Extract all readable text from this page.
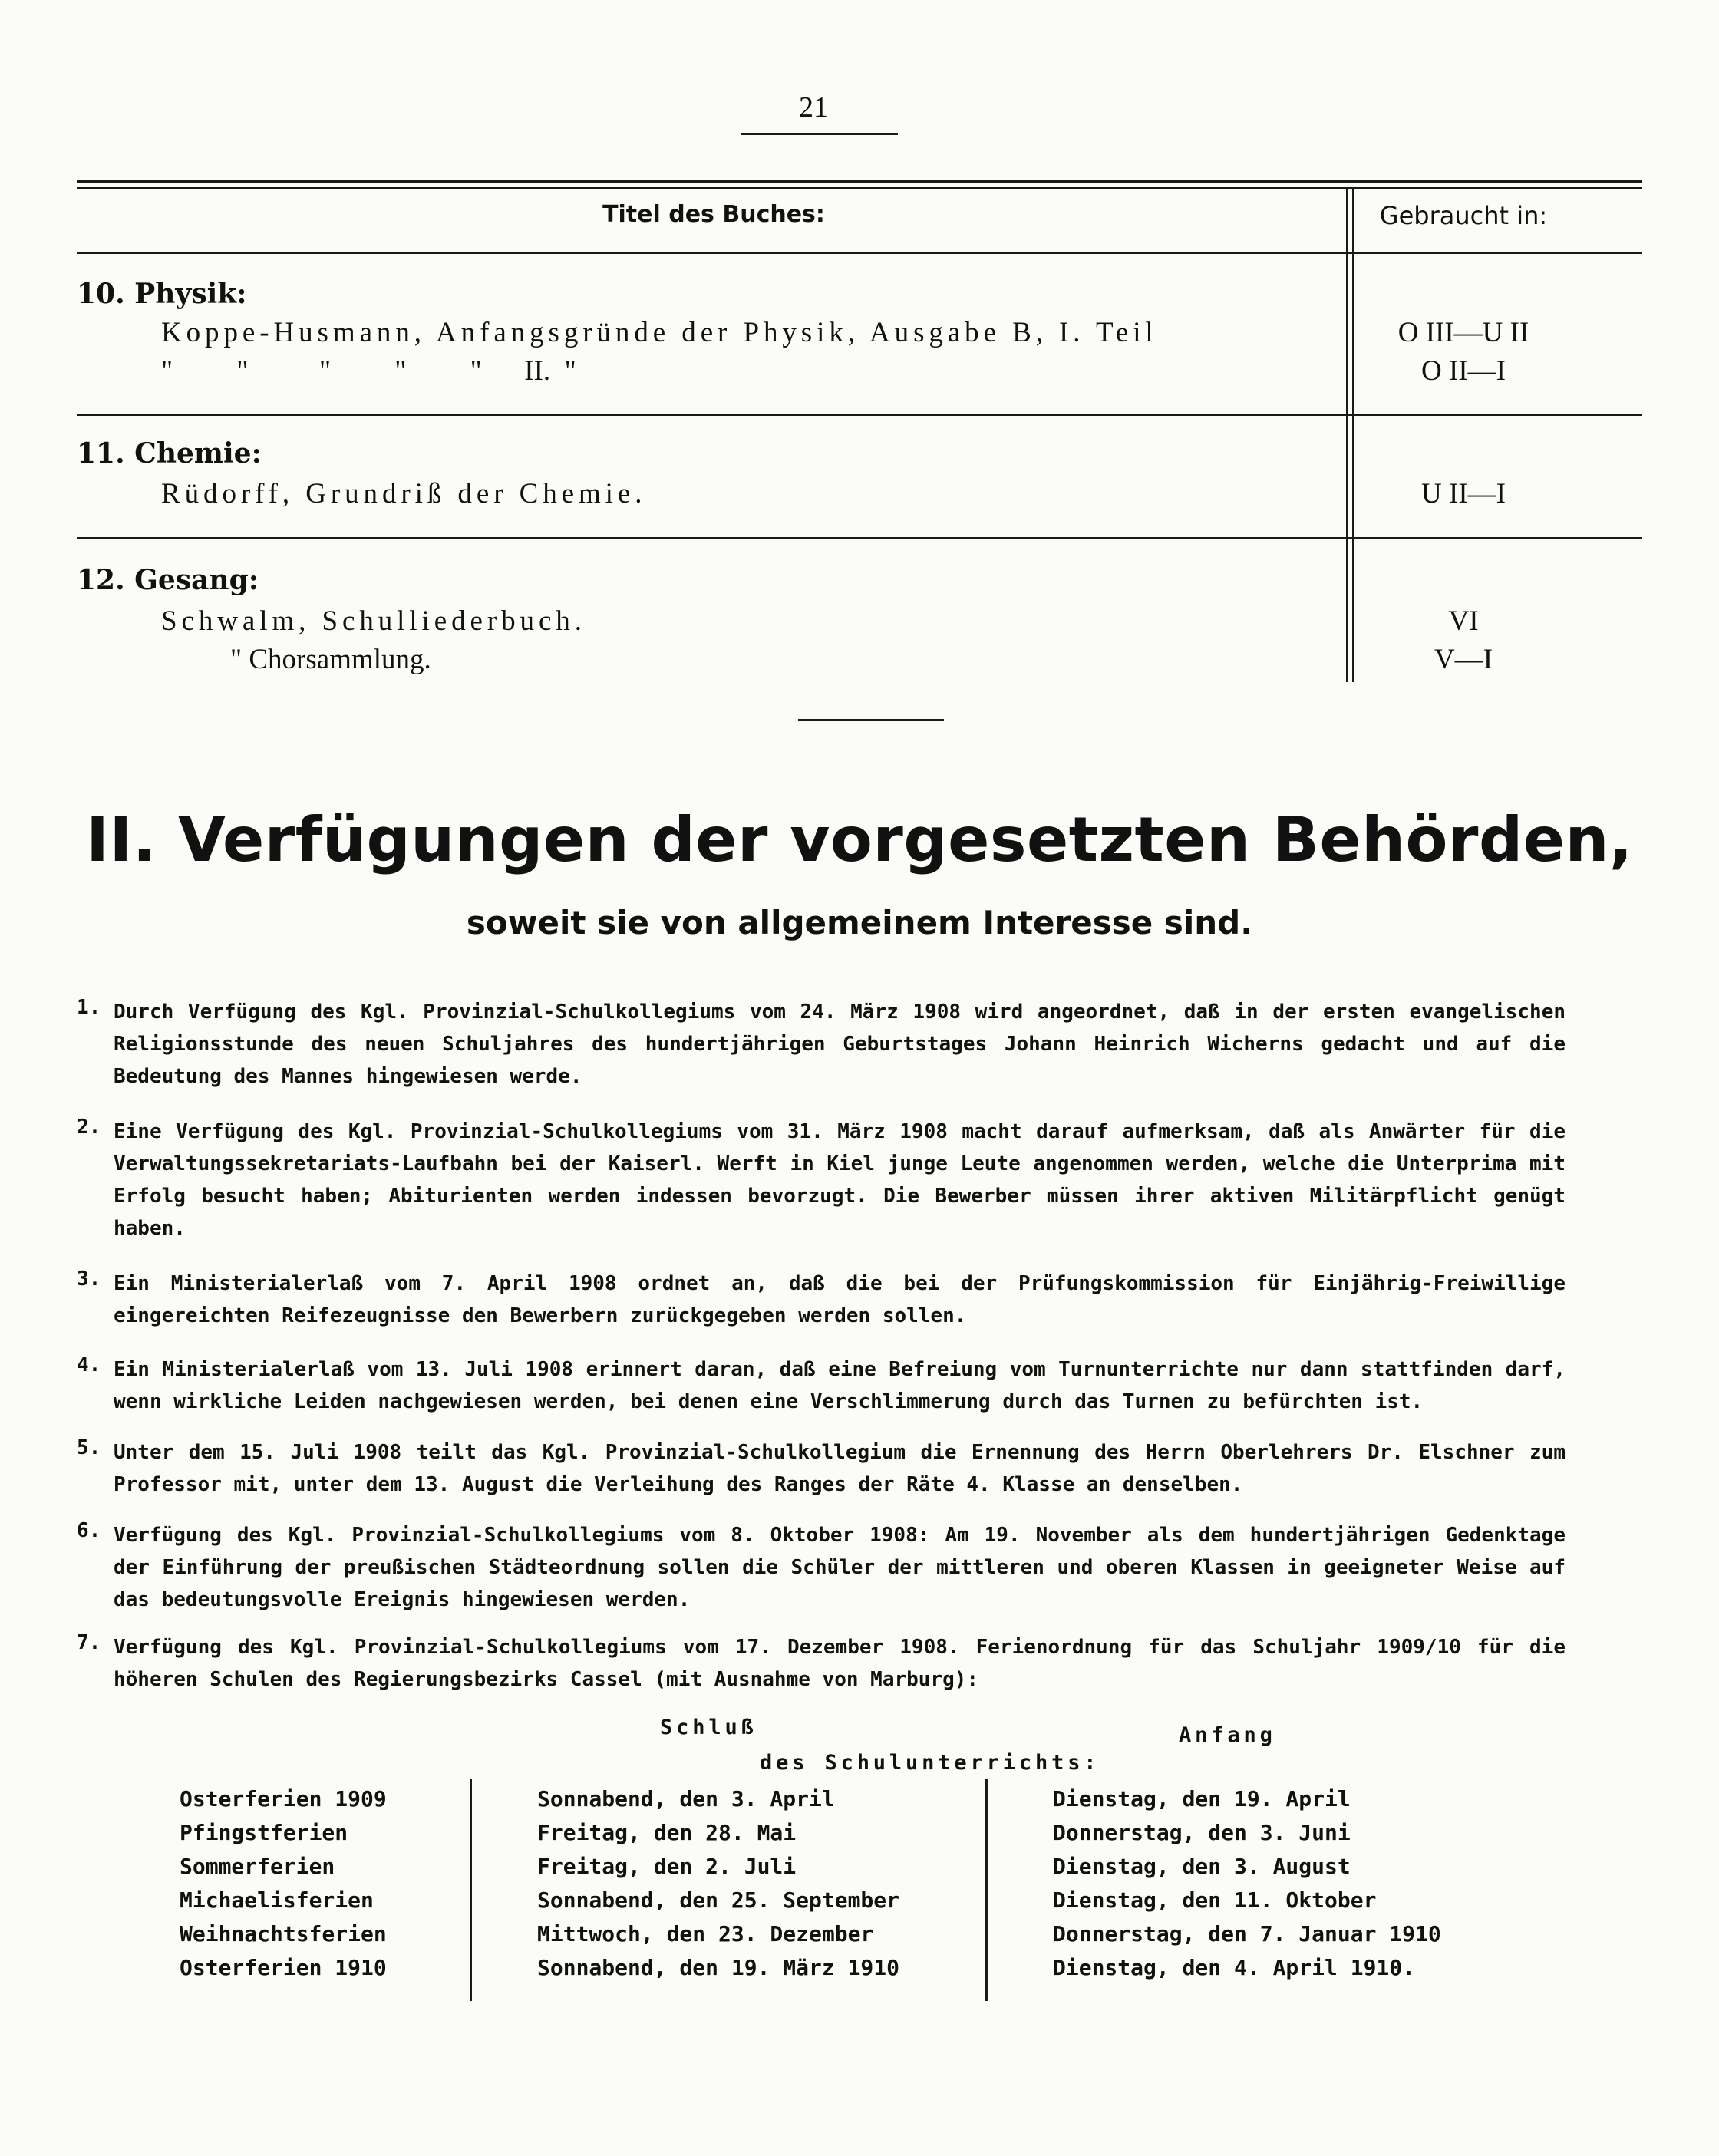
21
Titel des Buches:	Gebraucht in:
10. Physik:
Koppe-Husmann, Anfangsgründe der Physik, Ausgabe B, I. Teil	O III—U II
"         "          "         "         "      II.  "	O II—I
11. Chemie:
Rüdorff, Grundriß der Chemie.	U II—I
12. Gesang:
Schwalm, Schulliederbuch.	VI
" Chorsammlung.	V—I
II. Verfügungen der vorgesetzten Behörden,
soweit sie von allgemeinem Interesse sind.
1. Durch Verfügung des Kgl. Provinzial-Schulkollegiums vom 24. März 1908 wird angeordnet, daß in der ersten evangelischen Religionsstunde des neuen Schuljahres des hundertjährigen Geburtstages Johann Heinrich Wicherns gedacht und auf die Bedeutung des Mannes hingewiesen werde.
2. Eine Verfügung des Kgl. Provinzial-Schulkollegiums vom 31. März 1908 macht darauf aufmerksam, daß als Anwärter für die Verwaltungssekretariats-Laufbahn bei der Kaiserl. Werft in Kiel junge Leute angenommen werden, welche die Unterprima mit Erfolg besucht haben; Abiturienten werden indessen bevorzugt. Die Bewerber müssen ihrer aktiven Militärpflicht genügt haben.
3. Ein Ministerialerlaß vom 7. April 1908 ordnet an, daß die bei der Prüfungskommission für Einjährig-Freiwillige eingereichten Reifezeugnisse den Bewerbern zurückgegeben werden sollen.
4. Ein Ministerialerlaß vom 13. Juli 1908 erinnert daran, daß eine Befreiung vom Turnunterrichte nur dann stattfinden darf, wenn wirkliche Leiden nachgewiesen werden, bei denen eine Verschlimmerung durch das Turnen zu befürchten ist.
5. Unter dem 15. Juli 1908 teilt das Kgl. Provinzial-Schulkollegium die Ernennung des Herrn Oberlehrers Dr. Elschner zum Professor mit, unter dem 13. August die Verleihung des Ranges der Räte 4. Klasse an denselben.
6. Verfügung des Kgl. Provinzial-Schulkollegiums vom 8. Oktober 1908: Am 19. November als dem hundertjährigen Gedenktage der Einführung der preußischen Städteordnung sollen die Schüler der mittleren und oberen Klassen in geeigneter Weise auf das bedeutungsvolle Ereignis hingewiesen werden.
7. Verfügung des Kgl. Provinzial-Schulkollegiums vom 17. Dezember 1908. Ferienordnung für das Schuljahr 1909/10 für die höheren Schulen des Regierungsbezirks Cassel (mit Ausnahme von Marburg):
Schluß	Anfang
des Schulunterrichts:
Osterferien 1909	Sonnabend, den 3. April	Dienstag, den 19. April
Pfingstferien	Freitag, den 28. Mai	Donnerstag, den 3. Juni
Sommerferien	Freitag, den 2. Juli	Dienstag, den 3. August
Michaelisferien	Sonnabend, den 25. September	Dienstag, den 11. Oktober
Weihnachtsferien	Mittwoch, den 23. Dezember	Donnerstag, den 7. Januar 1910
Osterferien 1910	Sonnabend, den 19. März 1910	Dienstag, den 4. April 1910.
